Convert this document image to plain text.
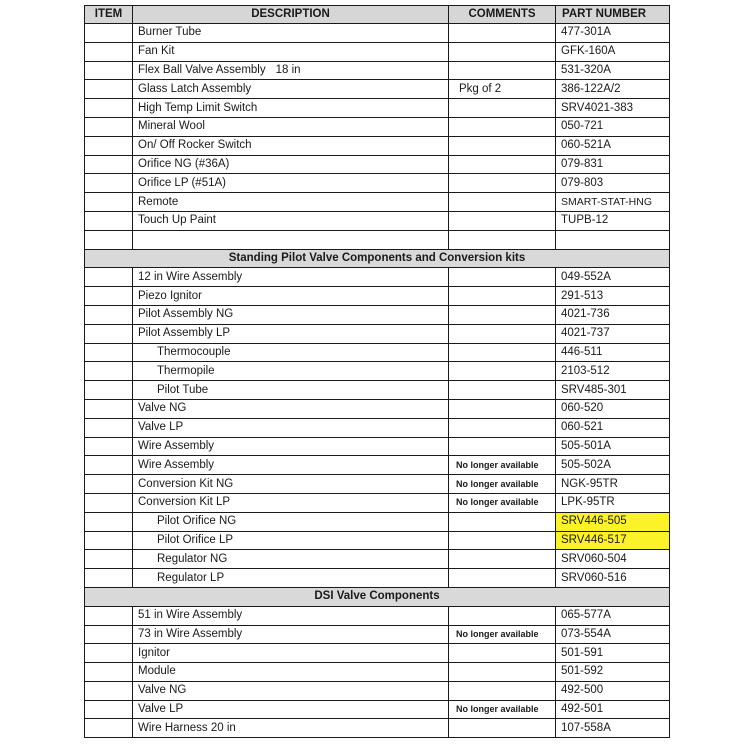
ITEM	DESCRIPTION	COMMENTS	PART NUMBER
	Burner Tube		477-301A
	Fan Kit		GFK-160A
	Flex Ball Valve Assembly 18 in		531-320A
	Glass Latch Assembly	Pkg of 2	386-122A/2
	High Temp Limit Switch		SRV4021-383
	Mineral Wool		050-721
	On/ Off Rocker Switch		060-521A
	Orifice NG (#36A)		079-831
	Orifice LP (#51A)		079-803
	Remote		SMART-STAT-HNG
	Touch Up Paint		TUPB-12

Standing Pilot Valve Components and Conversion kits			
	12 in Wire Assembly		049-552A
	Piezo Ignitor		291-513
	Pilot Assembly NG		4021-736
	Pilot Assembly LP		4021-737
	Thermocouple		446-511
	Thermopile		2103-512
	Pilot Tube		SRV485-301
	Valve NG		060-520
	Valve LP		060-521
	Wire Assembly		505-501A
	Wire Assembly	No longer available	505-502A
	Conversion Kit NG	No longer available	NGK-95TR
	Conversion Kit LP	No longer available	LPK-95TR
	Pilot Orifice NG		SRV446-505
	Pilot Orifice LP		SRV446-517
	Regulator NG		SRV060-504
	Regulator LP		SRV060-516
DSI Valve Components			
	51 in Wire Assembly		065-577A
	73 in Wire Assembly	No longer available	073-554A
	Ignitor		501-591
	Module		501-592
	Valve NG		492-500
	Valve LP	No longer available	492-501
	Wire Harness 20 in		107-558A
